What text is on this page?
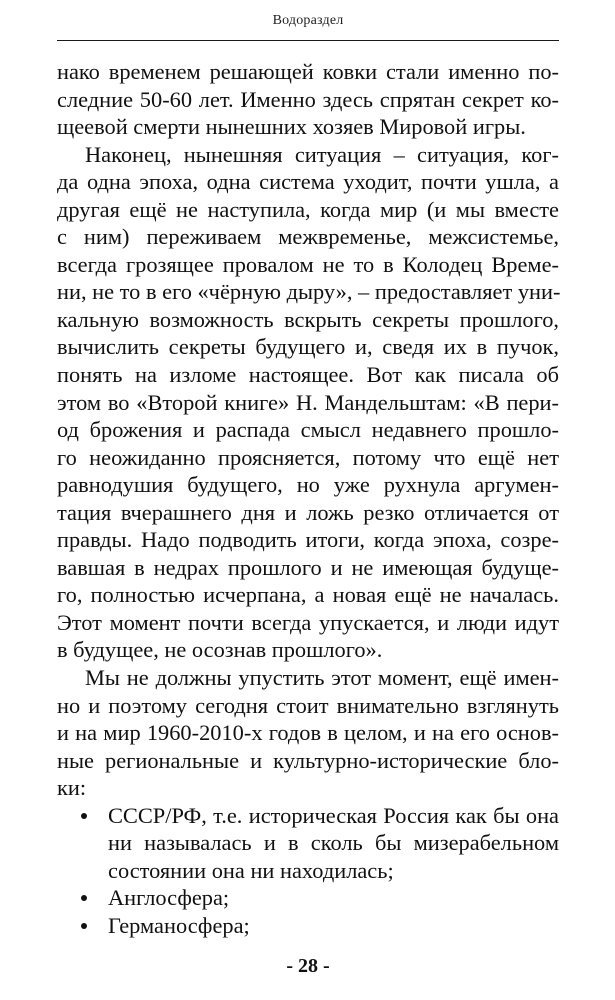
Водораздел
нако временем решающей ковки стали именно по-
следние 50-60 лет. Именно здесь спрятан секрет ко-
щеевой смерти нынешних хозяев Мировой игры.
Наконец, нынешняя ситуация – ситуация, ког-
да одна эпоха, одна система уходит, почти ушла, а
другая ещё не наступила, когда мир (и мы вместе
с ним) переживаем межвременье, межсистемье,
всегда грозящее провалом не то в Колодец Време-
ни, не то в его «чёрную дыру», – предоставляет уни-
кальную возможность вскрыть секреты прошлого,
вычислить секреты будущего и, сведя их в пучок,
понять на изломе настоящее. Вот как писала об
этом во «Второй книге» Н. Мандельштам: «В пери-
од брожения и распада смысл недавнего прошло-
го неожиданно проясняется, потому что ещё нет
равнодушия будущего, но уже рухнула аргумен-
тация вчерашнего дня и ложь резко отличается от
правды. Надо подводить итоги, когда эпоха, созре-
вавшая в недрах прошлого и не имеющая будуще-
го, полностью исчерпана, а новая ещё не началась.
Этот момент почти всегда упускается, и люди идут
в будущее, не осознав прошлого».
Мы не должны упустить этот момент, ещё имен-
но и поэтому сегодня стоит внимательно взглянуть
и на мир 1960-2010-х годов в целом, и на его основ-
ные региональные и культурно-исторические бло-
ки:
СССР/РФ, т.е. историческая Россия как бы она
ни называлась и в сколь бы мизерабельном
состоянии она ни находилась;
Англосфера;
Германосфера;
- 28 -
